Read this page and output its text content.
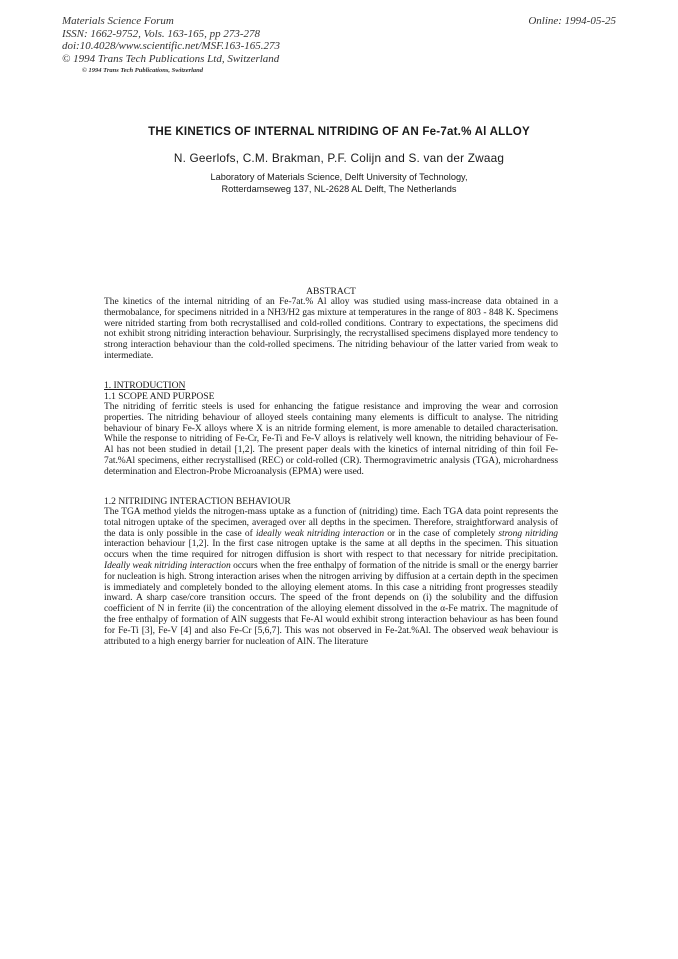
Materials Science Forum
ISSN: 1662-9752, Vols. 163-165, pp 273-278
doi:10.4028/www.scientific.net/MSF.163-165.273
© 1994 Trans Tech Publications Ltd, Switzerland
© 1994 Trans Tech Publications, Switzerland
Online: 1994-05-25
THE KINETICS OF INTERNAL NITRIDING OF AN Fe-7at.% Al ALLOY
N. Geerlofs, C.M. Brakman, P.F. Colijn and S. van der Zwaag
Laboratory of Materials Science, Delft University of Technology,
Rotterdamseweg 137, NL-2628 AL Delft, The Netherlands

ABSTRACT

The kinetics of the internal nitriding of an Fe-7at.% Al alloy was studied using mass-increase data obtained in a thermobalance, for specimens nitrided in a NH3/H2 gas mixture at temperatures in the range of 803 - 848 K. Specimens were nitrided starting from both recrystallised and cold-rolled conditions. Contrary to expectations, the specimens did not exhibit strong nitriding interaction behaviour. Surprisingly, the recrystallised specimens displayed more tendency to strong interaction behaviour than the cold-rolled specimens. The nitriding behaviour of the latter varied from weak to intermediate.

1. INTRODUCTION

1.1 SCOPE AND PURPOSE

The nitriding of ferritic steels is used for enhancing the fatigue resistance and improving the wear and corrosion properties. The nitriding behaviour of alloyed steels containing many elements is difficult to analyse. The nitriding behaviour of binary Fe-X alloys where X is an nitride forming element, is more amenable to detailed characterisation. While the response to nitriding of Fe-Cr, Fe-Ti and Fe-V alloys is relatively well known, the nitriding behaviour of Fe-Al has not been studied in detail [1,2]. The present paper deals with the kinetics of internal nitriding of thin foil Fe-7at.%Al specimens, either recrystallised (REC) or cold-rolled (CR). Thermogravimetric analysis (TGA), microhardness determination and Electron-Probe Microanalysis (EPMA) were used.

1.2 NITRIDING INTERACTION BEHAVIOUR

The TGA method yields the nitrogen-mass uptake as a function of (nitriding) time. Each TGA data point represents the total nitrogen uptake of the specimen, averaged over all depths in the specimen. Therefore, straightforward analysis of the data is only possible in the case of ideally weak nitriding interaction or in the case of completely strong nitriding interaction behaviour [1,2]. In the first case nitrogen uptake is the same at all depths in the specimen. This situation occurs when the time required for nitrogen diffusion is short with respect to that necessary for nitride precipitation. Ideally weak nitriding interaction occurs when the free enthalpy of formation of the nitride is small or the energy barrier for nucleation is high. Strong interaction arises when the nitrogen arriving by diffusion at a certain depth in the specimen is immediately and completely bonded to the alloying element atoms. In this case a nitriding front progresses steadily inward. A sharp case/core transition occurs. The speed of the front depends on (i) the solubility and the diffusion coefficient of N in ferrite (ii) the concentration of the alloying element dissolved in the α-Fe matrix. The magnitude of the free enthalpy of formation of AlN suggests that Fe-Al would exhibit strong interaction behaviour as has been found for Fe-Ti [3], Fe-V [4] and also Fe-Cr [5,6,7]. This was not observed in Fe-2at.%Al. The observed weak behaviour is attributed to a high energy barrier for nucleation of AlN. The literature
